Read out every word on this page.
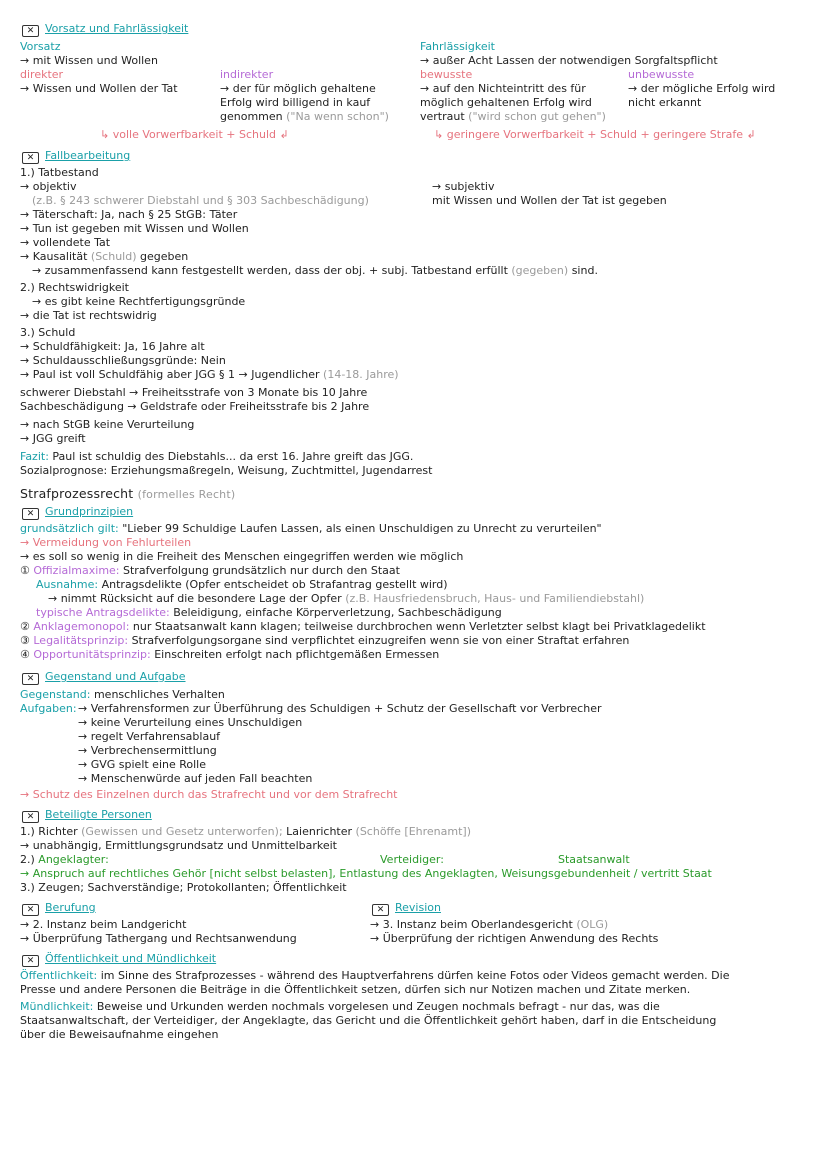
✕ Vorsatz und Fahrlässigkeit
Vorsatz
→ mit Wissen und Wollen
direkter
→ Wissen und Wollen der Tat
indirekter
→ der für möglich gehaltene
Erfolg wird billigend in kauf
genommen ("Na wenn schon")
↳ volle Vorwerfbarkeit + Schuld ↲
Fahrlässigkeit
→ außer Acht Lassen der notwendigen Sorgfaltspflicht
bewusste
→ auf den Nichteintritt des für
möglich gehaltenen Erfolg wird
vertraut ("wird schon gut gehen")
unbewusste
→ der mögliche Erfolg wird
nicht erkannt
↳ geringere Vorwerfbarkeit + Schuld + geringere Strafe ↲
✕ Fallbearbeitung
1.) Tatbestand
→ objektiv
(z.B. § 243 schwerer Diebstahl und § 303 Sachbeschädigung)
→ subjektiv
mit Wissen und Wollen der Tat ist gegeben
→ Täterschaft: Ja, nach § 25 StGB: Täter
→ Tun ist gegeben mit Wissen und Wollen
→ vollendete Tat
→ Kausalität (Schuld) gegeben
→ zusammenfassend kann festgestellt werden, dass der obj. + subj. Tatbestand erfüllt (gegeben) sind.
2.) Rechtswidrigkeit
→ es gibt keine Rechtfertigungsgründe
→ die Tat ist rechtswidrig
3.) Schuld
→ Schuldfähigkeit: Ja, 16 Jahre alt
→ Schuldausschließungsgründe: Nein
→ Paul ist voll Schuldfähig aber JGG § 1 → Jugendlicher (14-18. Jahre)
schwerer Diebstahl → Freiheitsstrafe von 3 Monate bis 10 Jahre
Sachbeschädigung → Geldstrafe oder Freiheitsstrafe bis 2 Jahre
→ nach StGB keine Verurteilung
→ JGG greift
Fazit: Paul ist schuldig des Diebstahls... da erst 16. Jahre greift das JGG.
Sozialprognose: Erziehungsmaßregeln, Weisung, Zuchtmittel, Jugendarrest
Strafprozessrecht (formelles Recht)
✕ Grundprinzipien
grundsätzlich gilt: "Lieber 99 Schuldige Laufen Lassen, als einen Unschuldigen zu Unrecht zu verurteilen"
→ Vermeidung von Fehlurteilen
→ es soll so wenig in die Freiheit des Menschen eingegriffen werden wie möglich
① Offizialmaxime: Strafverfolgung grundsätzlich nur durch den Staat
Ausnahme: Antragsdelikte (Opfer entscheidet ob Strafantrag gestellt wird)
→ nimmt Rücksicht auf die besondere Lage der Opfer (z.B. Hausfriedensbruch, Haus- und Familiendiebstahl)
typische Antragsdelikte: Beleidigung, einfache Körperverletzung, Sachbeschädigung
② Anklagemonopol: nur Staatsanwalt kann klagen; teilweise durchbrochen wenn Verletzter selbst klagt bei Privatklagedelikt
③ Legalitätsprinzip: Strafverfolgungsorgane sind verpflichtet einzugreifen wenn sie von einer Straftat erfahren
④ Opportunitätsprinzip: Einschreiten erfolgt nach pflichtgemäßen Ermessen
✕ Gegenstand und Aufgabe
Gegenstand: menschliches Verhalten
Aufgaben: → Verfahrensformen zur Überführung des Schuldigen + Schutz der Gesellschaft vor Verbrecher
→ keine Verurteilung eines Unschuldigen
→ regelt Verfahrensablauf
→ Verbrechensermittlung
→ GVG spielt eine Rolle
→ Menschenwürde auf jeden Fall beachten
→ Schutz des Einzelnen durch das Strafrecht und vor dem Strafrecht
✕ Beteiligte Personen
1.) Richter (Gewissen und Gesetz unterworfen); Laienrichter (Schöffe [Ehrenamt])
→ unabhängig, Ermittlungsgrundsatz und Unmittelbarkeit
2.) Angeklagter:	Verteidiger:	Staatsanwalt
→ Anspruch auf rechtliches Gehör [nicht selbst belasten], Entlastung des Angeklagten, Weisungsgebundenheit / vertritt Staat
3.) Zeugen; Sachverständige; Protokollanten; Öffentlichkeit
✕ Berufung
→ 2. Instanz beim Landgericht
→ Überprüfung Tathergang und Rechtsanwendung
✕ Revision
→ 3. Instanz beim Oberlandesgericht (OLG)
→ Überprüfung der richtigen Anwendung des Rechts
✕ Öffentlichkeit und Mündlichkeit
Öffentlichkeit: im Sinne des Strafprozesses - während des Hauptverfahrens dürfen keine Fotos oder Videos gemacht werden. Die
Presse und andere Personen die Beiträge in die Öffentlichkeit setzen, dürfen sich nur Notizen machen und Zitate merken.
Mündlichkeit: Beweise und Urkunden werden nochmals vorgelesen und Zeugen nochmals befragt - nur das, was die
Staatsanwaltschaft, der Verteidiger, der Angeklagte, das Gericht und die Öffentlichkeit gehört haben, darf in die Entscheidung
über die Beweisaufnahme eingehen
